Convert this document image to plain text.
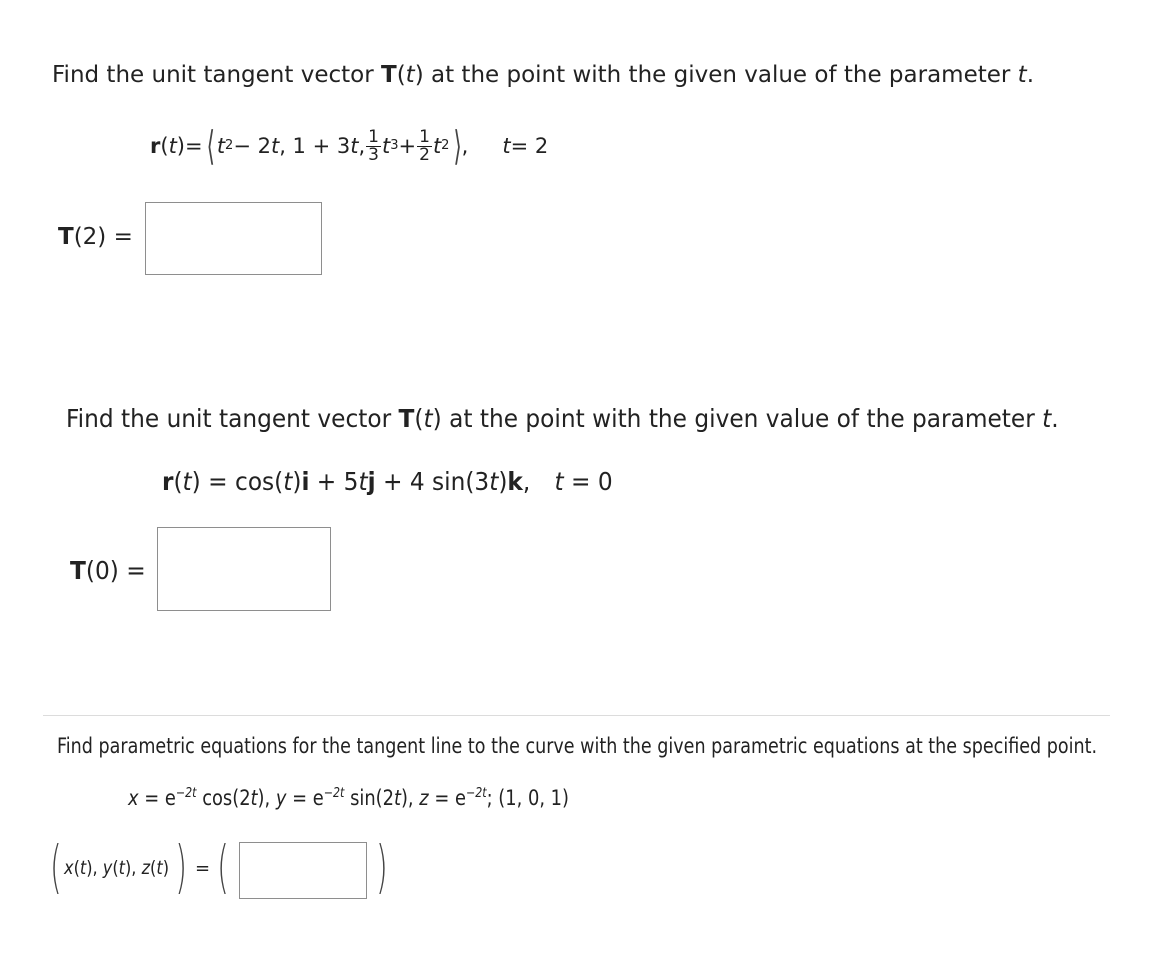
Find the unit tangent vector T(t) at the point with the given value of the parameter t.
r ( t ) = ⟨ t 2 − 2 t , 1 + 3 t , $\frac{1}{3}$ t $3 + \frac{1}{2}$ t 2 ⟩ , t = 2
T(2) =
Find the unit tangent vector T(t) at the point with the given value of the parameter t.
r(t) = cos(t)i + 5tj + 4 sin(3t)k, t = 0
T(0) =
Find parametric equations for the tangent line to the curve with the given parametric equations at the specified point.
$x = e^{-2t}$ cos(2t), $y = e^{-2t}$ sin(2t), $z = e^{-2t}$; (1, 0, 1)
( x(t), y(t), z(t) ) = (	)
